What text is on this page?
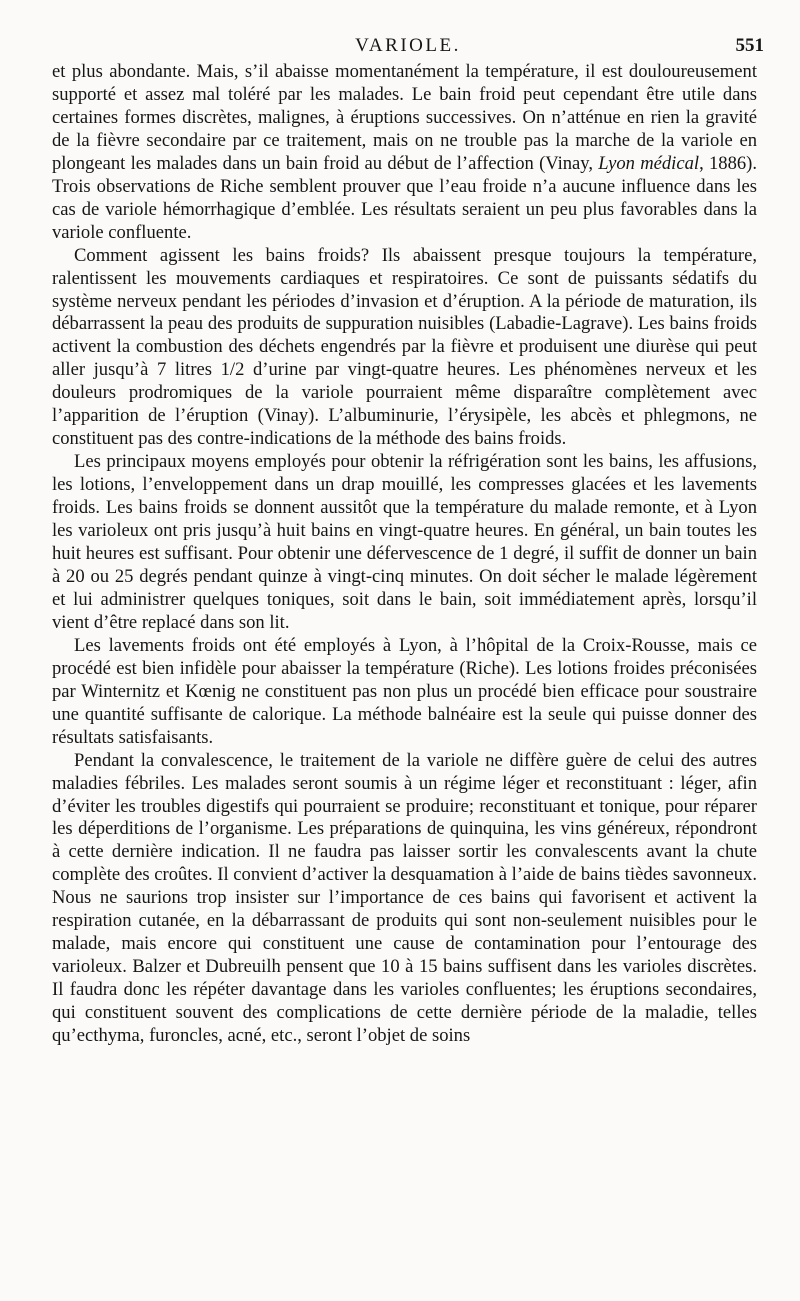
VARIOLE.	551

et plus abondante. Mais, s’il abaisse momentanément la température, il est douloureusement supporté et assez mal toléré par les malades. Le bain froid peut cependant être utile dans certaines formes discrètes, malignes, à éruptions successives. On n’atténue en rien la gravité de la fièvre secondaire par ce traitement, mais on ne trouble pas la marche de la variole en plongeant les malades dans un bain froid au début de l’affection (Vinay, Lyon médical, 1886). Trois observations de Riche semblent prouver que l’eau froide n’a aucune influence dans les cas de variole hémorrhagique d’emblée. Les résultats seraient un peu plus favorables dans la variole confluente.

Comment agissent les bains froids? Ils abaissent presque toujours la température, ralentissent les mouvements cardiaques et respiratoires. Ce sont de puissants sédatifs du système nerveux pendant les périodes d’invasion et d’éruption. A la période de maturation, ils débarrassent la peau des produits de suppuration nuisibles (Labadie-Lagrave). Les bains froids activent la combustion des déchets engendrés par la fièvre et produisent une diurèse qui peut aller jusqu’à 7 litres 1/2 d’urine par vingt-quatre heures. Les phénomènes nerveux et les douleurs prodromiques de la variole pourraient même disparaître complètement avec l’apparition de l’éruption (Vinay). L’albuminurie, l’érysipèle, les abcès et phlegmons, ne constituent pas des contre-indications de la méthode des bains froids.

Les principaux moyens employés pour obtenir la réfrigération sont les bains, les affusions, les lotions, l’enveloppement dans un drap mouillé, les compresses glacées et les lavements froids. Les bains froids se donnent aussitôt que la température du malade remonte, et à Lyon les varioleux ont pris jusqu’à huit bains en vingt-quatre heures. En général, un bain toutes les huit heures est suffisant. Pour obtenir une défervescence de 1 degré, il suffit de donner un bain à 20 ou 25 degrés pendant quinze à vingt-cinq minutes. On doit sécher le malade légèrement et lui administrer quelques toniques, soit dans le bain, soit immédiatement après, lorsqu’il vient d’être replacé dans son lit.

Les lavements froids ont été employés à Lyon, à l’hôpital de la Croix-Rousse, mais ce procédé est bien infidèle pour abaisser la température (Riche). Les lotions froides préconisées par Winternitz et Kœnig ne constituent pas non plus un procédé bien efficace pour soustraire une quantité suffisante de calorique. La méthode balnéaire est la seule qui puisse donner des résultats satisfaisants.

Pendant la convalescence, le traitement de la variole ne diffère guère de celui des autres maladies fébriles. Les malades seront soumis à un régime léger et reconstituant : léger, afin d’éviter les troubles digestifs qui pourraient se produire; reconstituant et tonique, pour réparer les déperditions de l’organisme. Les préparations de quinquina, les vins généreux, répondront à cette dernière indication. Il ne faudra pas laisser sortir les convalescents avant la chute complète des croûtes. Il convient d’activer la desquamation à l’aide de bains tièdes savonneux. Nous ne saurions trop insister sur l’importance de ces bains qui favorisent et activent la respiration cutanée, en la débarrassant de produits qui sont non-seulement nuisibles pour le malade, mais encore qui constituent une cause de contamination pour l’entourage des varioleux. Balzer et Dubreuilh pensent que 10 à 15 bains suffisent dans les varioles discrètes. Il faudra donc les répéter davantage dans les varioles confluentes; les éruptions secondaires, qui constituent souvent des complications de cette dernière période de la maladie, telles qu’ecthyma, furoncles, acné, etc., seront l’objet de soins
